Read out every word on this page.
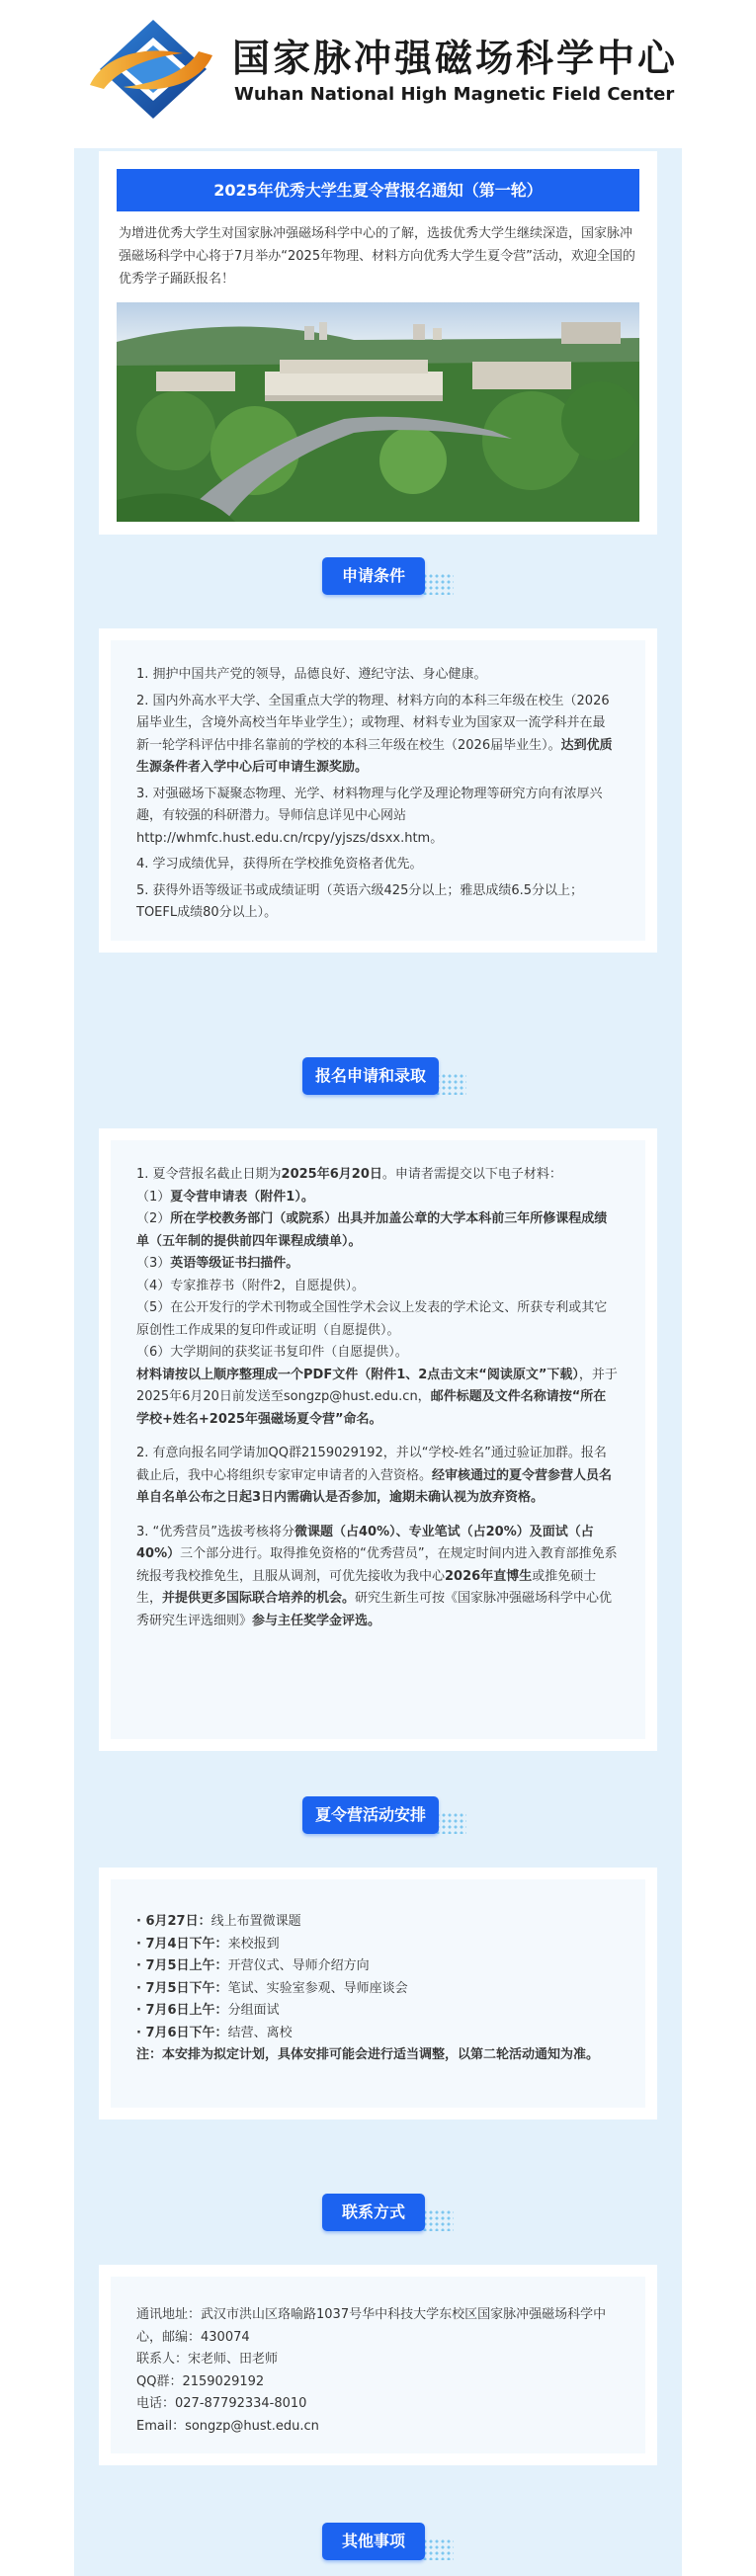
国家脉冲强磁场科学中心
Wuhan National High Magnetic Field Center
2025年优秀大学生夏令营报名通知（第一轮）
为增进优秀大学生对国家脉冲强磁场科学中心的了解，选拔优秀大学生继续深造，国家脉冲强磁场科学中心将于7月举办“2025年物理、材料方向优秀大学生夏令营”活动，欢迎全国的优秀学子踊跃报名！
申请条件

1. 拥护中国共产党的领导，品德良好、遵纪守法、身心健康。

2. 国内外高水平大学、全国重点大学的物理、材料方向的本科三年级在校生（2026届毕业生，含境外高校当年毕业学生）；或物理、材料专业为国家双一流学科并在最新一轮学科评估中排名靠前的学校的本科三年级在校生（2026届毕业生）。达到优质生源条件者入学中心后可申请生源奖励。

3. 对强磁场下凝聚态物理、光学、材料物理与化学及理论物理等研究方向有浓厚兴趣，有较强的科研潜力。导师信息详见中心网站http://whmfc.hust.edu.cn/rcpy/yjszs/dsxx.htm。

4. 学习成绩优异，获得所在学校推免资格者优先。

5. 获得外语等级证书或成绩证明（英语六级425分以上；雅思成绩6.5分以上；TOEFL成绩80分以上）。

报名申请和录取

1. 夏令营报名截止日期为2025年6月20日。申请者需提交以下电子材料：

（1）夏令营申请表（附件1）。

（2）所在学校教务部门（或院系）出具并加盖公章的大学本科前三年所修课程成绩单（五年制的提供前四年课程成绩单）。

（3）英语等级证书扫描件。

（4）专家推荐书（附件2，自愿提供）。

（5）在公开发行的学术刊物或全国性学术会议上发表的学术论文、所获专利或其它原创性工作成果的复印件或证明（自愿提供）。

（6）大学期间的获奖证书复印件（自愿提供）。

材料请按以上顺序整理成一个PDF文件（附件1、2点击文末“阅读原文”下载），并于2025年6月20日前发送至songzp@hust.edu.cn，邮件标题及文件名称请按“所在学校+姓名+2025年强磁场夏令营”命名。

2. 有意向报名同学请加QQ群2159029192，并以“学校-姓名”通过验证加群。报名截止后，我中心将组织专家审定申请者的入营资格。经审核通过的夏令营参营人员名单自名单公布之日起3日内需确认是否参加，逾期未确认视为放弃资格。

3. “优秀营员”选拔考核将分微课题（占40%）、专业笔试（占20%）及面试（占40%）三个部分进行。取得推免资格的“优秀营员”，在规定时间内进入教育部推免系统报考我校推免生，且服从调剂，可优先接收为我中心2026年直博生或推免硕士生，并提供更多国际联合培养的机会。研究生新生可按《国家脉冲强磁场科学中心优秀研究生评选细则》参与主任奖学金评选。

夏令营活动安排

· 6月27日：线上布置微课题

· 7月4日下午：来校报到

· 7月5日上午：开营仪式、导师介绍方向

· 7月5日下午：笔试、实验室参观、导师座谈会

· 7月6日上午：分组面试

· 7月6日下午：结营、离校

注：本安排为拟定计划，具体安排可能会进行适当调整，以第二轮活动通知为准。

联系方式

通讯地址：武汉市洪山区珞喻路1037号华中科技大学东校区国家脉冲强磁场科学中心，邮编：430074

联系人：宋老师、田老师

QQ群：2159029192

电话：027-87792334-8010

Email：songzp@hust.edu.cn

其他事项
